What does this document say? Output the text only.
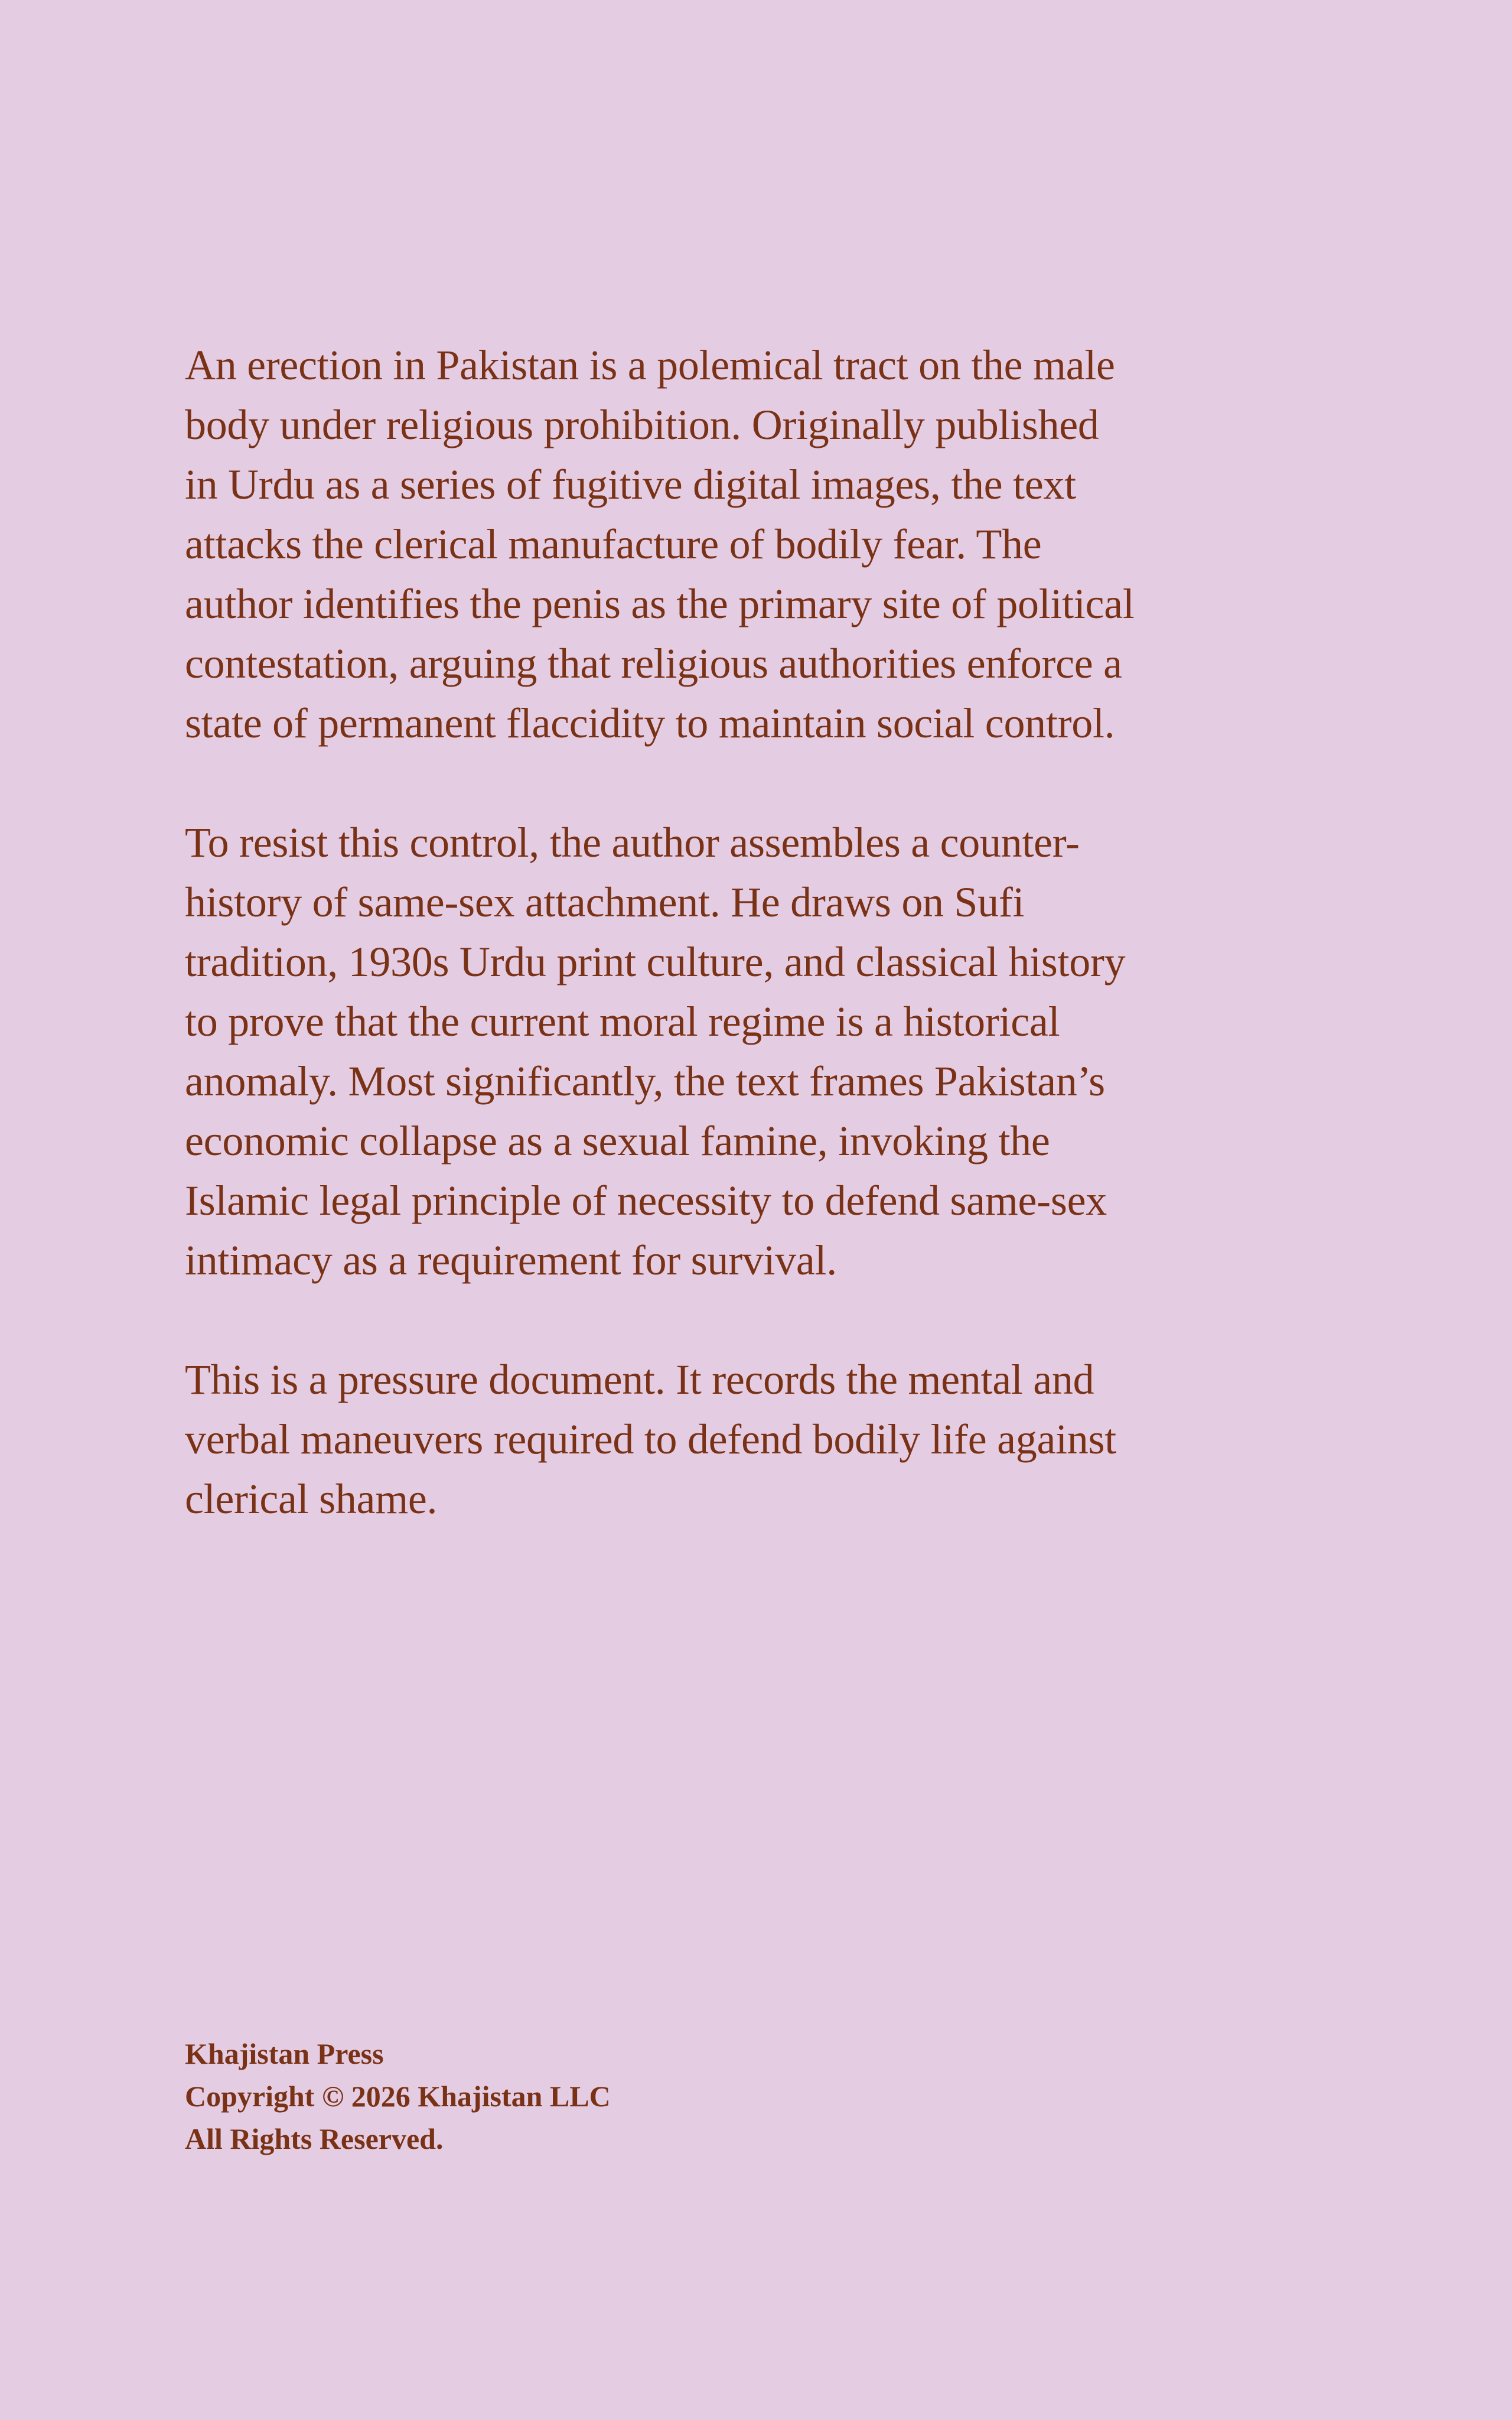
An erection in Pakistan is a polemical tract on the male
body under religious prohibition. Originally published
in Urdu as a series of fugitive digital images, the text
attacks the clerical manufacture of bodily fear. The
author identifies the penis as the primary site of political
contestation, arguing that religious authorities enforce a
state of permanent flaccidity to maintain social control.

To resist this control, the author assembles a counter-
history of same-sex attachment. He draws on Sufi
tradition, 1930s Urdu print culture, and classical history
to prove that the current moral regime is a historical
anomaly. Most significantly, the text frames Pakistan’s
economic collapse as a sexual famine, invoking the
Islamic legal principle of necessity to defend same-sex
intimacy as a requirement for survival.

This is a pressure document. It records the mental and
verbal maneuvers required to defend bodily life against
clerical shame.

Khajistan Press
Copyright © 2026 Khajistan LLC
All Rights Reserved.
